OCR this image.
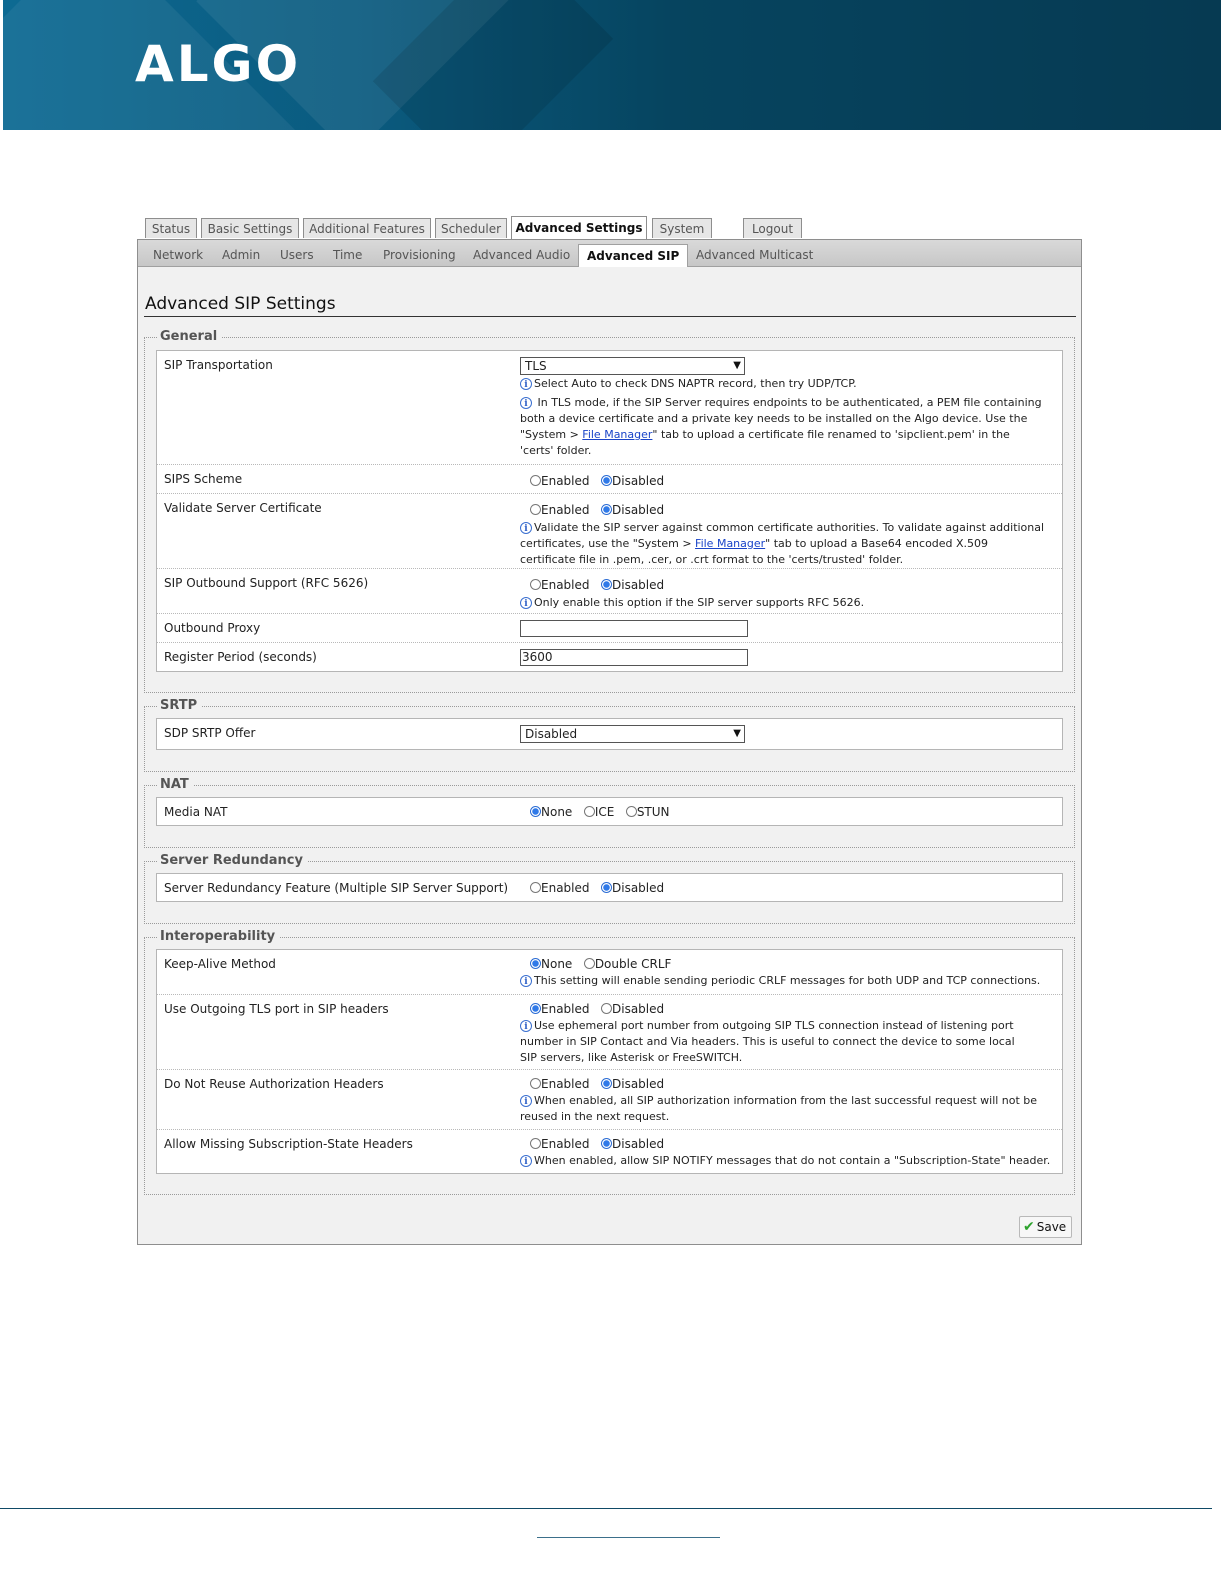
ALGO
Status	Basic Settings	Additional Features	Scheduler	Advanced Settings	System	Logout
Network Admin Users Time Provisioning Advanced Audio	Advanced SIP	Advanced Multicast
Advanced SIP Settings
General
SIP Transportation	TLS	▼
i Select Auto to check DNS NAPTR record, then try UDP/TCP.
i In TLS mode, if the SIP Server requires endpoints to be authenticated, a PEM file containing both a device certificate and a private key needs to be installed on the Algo device. Use the "System > File Manager" tab to upload a certificate file renamed to 'sipclient.pem' in the 'certs' folder.
SIPS Scheme	Enabled Disabled
Validate Server Certificate	Enabled Disabled
i Validate the SIP server against common certificate authorities. To validate against additional certificates, use the "System > File Manager" tab to upload a Base64 encoded X.509 certificate file in .pem, .cer, or .crt format to the 'certs/trusted' folder.
SIP Outbound Support (RFC 5626)	Enabled Disabled
i Only enable this option if the SIP server supports RFC 5626.
Outbound Proxy
Register Period (seconds)	3600
SRTP
SDP SRTP Offer	Disabled	▼
NAT
Media NAT	None ICE STUN
Server Redundancy
Server Redundancy Feature (Multiple SIP Server Support)	Enabled Disabled
Interoperability
Keep-Alive Method	None Double CRLF
i This setting will enable sending periodic CRLF messages for both UDP and TCP connections.
Use Outgoing TLS port in SIP headers	Enabled Disabled
i Use ephemeral port number from outgoing SIP TLS connection instead of listening port number in SIP Contact and Via headers. This is useful to connect the device to some local SIP servers, like Asterisk or FreeSWITCH.
Do Not Reuse Authorization Headers	Enabled Disabled
i When enabled, all SIP authorization information from the last successful request will not be reused in the next request.
Allow Missing Subscription-State Headers	Enabled Disabled
i When enabled, allow SIP NOTIFY messages that do not contain a "Subscription-State" header.
✔ Save
